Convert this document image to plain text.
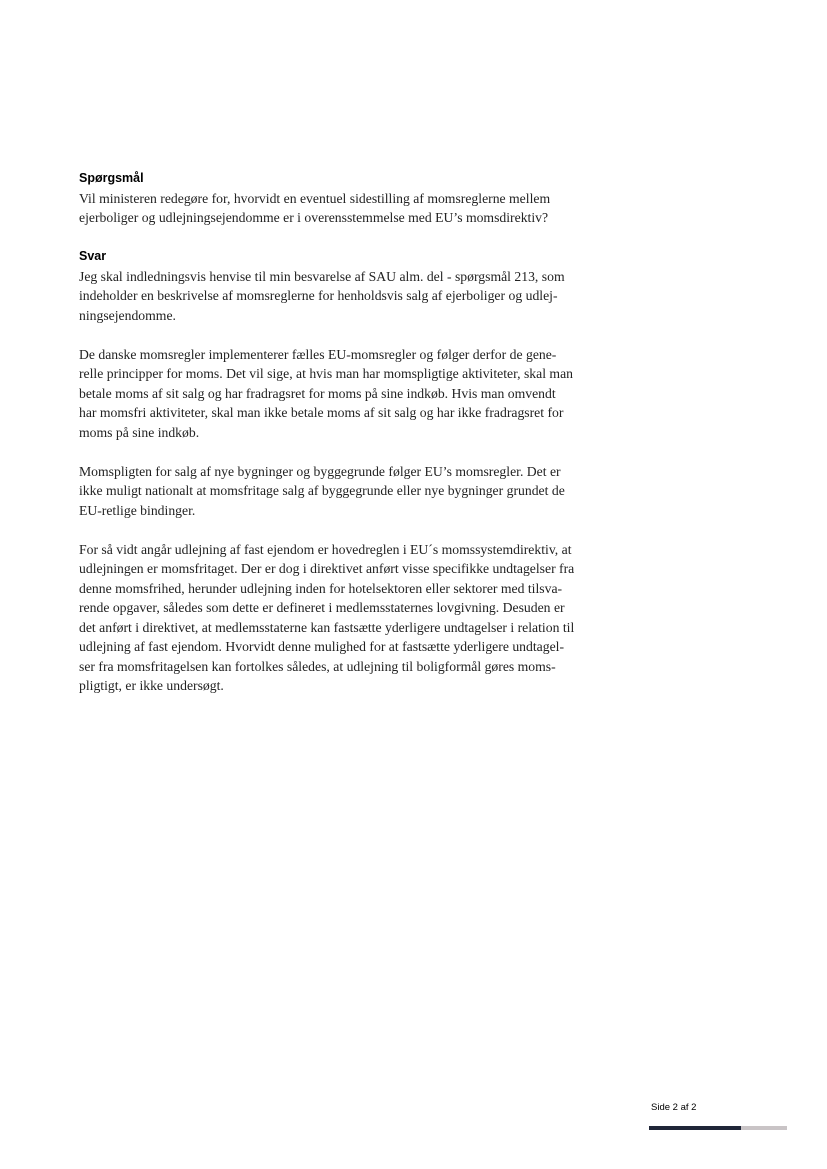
Spørgsmål

Vil ministeren redegøre for, hvorvidt en eventuel sidestilling af momsreglerne mellem
ejerboliger og udlejningsejendomme er i overensstemmelse med EU’s momsdirektiv?

Svar

Jeg skal indledningsvis henvise til min besvarelse af SAU alm. del - spørgsmål 213, som
indeholder en beskrivelse af momsreglerne for henholdsvis salg af ejerboliger og udlej-
ningsejendomme.

De danske momsregler implementerer fælles EU-momsregler og følger derfor de gene-
relle principper for moms. Det vil sige, at hvis man har momspligtige aktiviteter, skal man
betale moms af sit salg og har fradragsret for moms på sine indkøb. Hvis man omvendt
har momsfri aktiviteter, skal man ikke betale moms af sit salg og har ikke fradragsret for
moms på sine indkøb.

Momspligten for salg af nye bygninger og byggegrunde følger EU’s momsregler. Det er
ikke muligt nationalt at momsfritage salg af byggegrunde eller nye bygninger grundet de
EU-retlige bindinger.

For så vidt angår udlejning af fast ejendom er hovedreglen i EU´s momssystemdirektiv, at
udlejningen er momsfritaget. Der er dog i direktivet anført visse specifikke undtagelser fra
denne momsfrihed, herunder udlejning inden for hotelsektoren eller sektorer med tilsva-
rende opgaver, således som dette er defineret i medlemsstaternes lovgivning. Desuden er
det anført i direktivet, at medlemsstaterne kan fastsætte yderligere undtagelser i relation til
udlejning af fast ejendom. Hvorvidt denne mulighed for at fastsætte yderligere undtagel-
ser fra momsfritagelsen kan fortolkes således, at udlejning til boligformål gøres moms-
pligtigt, er ikke undersøgt.

Side 2 af 2
